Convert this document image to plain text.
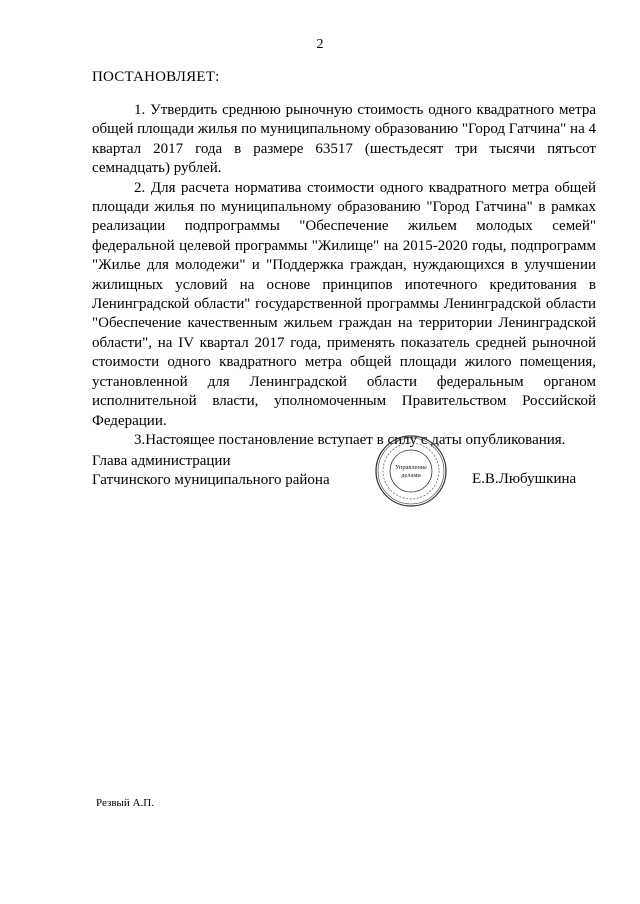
2
ПОСТАНОВЛЯЕТ:

1. Утвердить среднюю рыночную стоимость одного квадратного метра общей площади жилья по муниципальному образованию "Город Гатчина" на 4 квартал 2017 года в размере 63517 (шестьдесят три тысячи пятьсот семнадцать) рублей.

2. Для расчета норматива стоимости одного квадратного метра общей площади жилья по муниципальному образованию "Город Гатчина" в рамках реализации подпрограммы "Обеспечение жильем молодых семей" федеральной целевой программы "Жилище" на 2015-2020 годы, подпрограмм "Жилье для молодежи" и "Поддержка граждан, нуждающихся в улучшении жилищных условий на основе принципов ипотечного кредитования в Ленинградской области" государственной программы Ленинградской области "Обеспечение качественным жильем граждан на территории Ленинградской области", на IV квартал 2017 года, применять показатель средней рыночной стоимости одного квадратного метра общей площади жилого помещения, установленной для Ленинградской области федеральным органом исполнительной власти, уполномоченным Правительством Российской Федерации.

3.Настоящее постановление вступает в силу с даты опубликования.

Глава администрации
Гатчинского муниципального района
Управление
делами	Е.В.Любушкина
Резвый А.П.
